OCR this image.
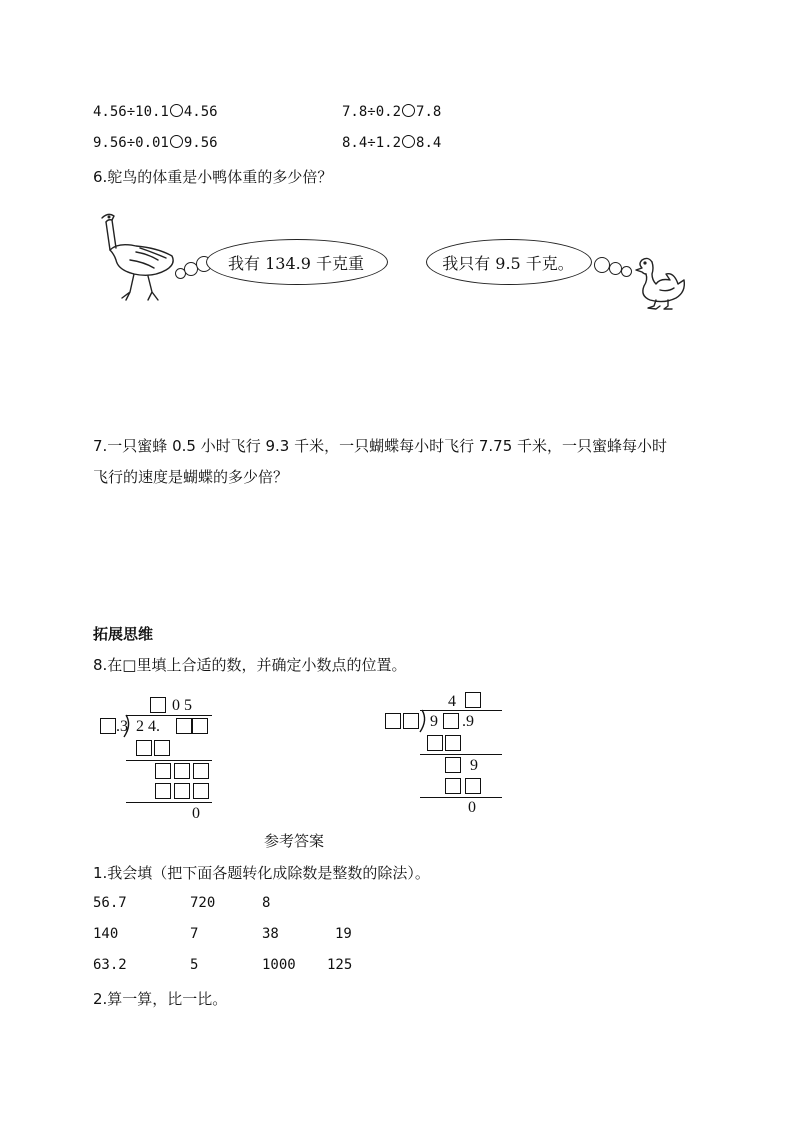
4.56÷10.1 4.56	7.8÷0.2 7.8
9.56÷0.01 9.56	8.4÷1.2 8.4
6.鸵鸟的体重是小鸭体重的多少倍？
我有 134.9 千克重	我只有 9.5 千克。
7.一只蜜蜂 0.5 小时飞行 9.3 千米，一只蝴蝶每小时飞行 7.75 千米，一只蜜蜂每小时
飞行的速度是蝴蝶的多少倍？
拓展思维
8.在□里填上合适的数，并确定小数点的位置。
0 5
.3 2 4.
0
4
9 .9
9
0
参考答案
1.我会填（把下面各题转化成除数是整数的除法）。
56.7	720	8
140	7	38	19
63.2	5	1000 125
2.算一算，比一比。
